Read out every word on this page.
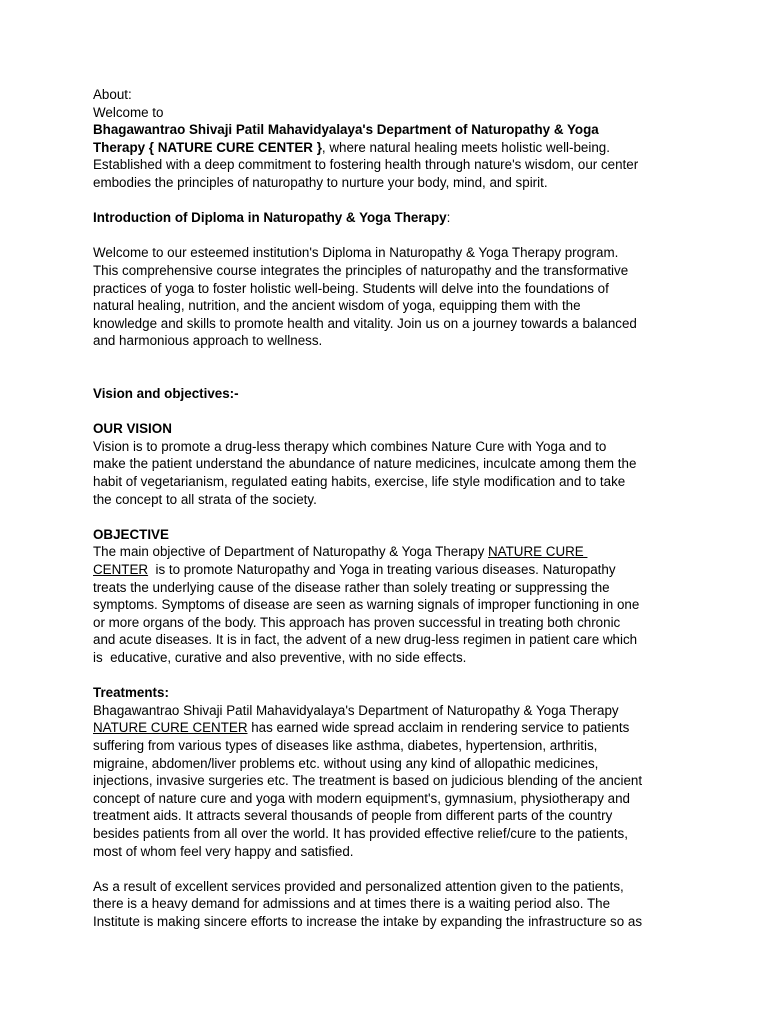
About:
Welcome to
Bhagawantrao Shivaji Patil Mahavidyalaya's Department of Naturopathy & Yoga
Therapy { NATURE CURE CENTER }, where natural healing meets holistic well-being.
Established with a deep commitment to fostering health through nature's wisdom, our center
embodies the principles of naturopathy to nurture your body, mind, and spirit.
Introduction of Diploma in Naturopathy & Yoga Therapy:
Welcome to our esteemed institution's Diploma in Naturopathy & Yoga Therapy program.
This comprehensive course integrates the principles of naturopathy and the transformative
practices of yoga to foster holistic well-being. Students will delve into the foundations of
natural healing, nutrition, and the ancient wisdom of yoga, equipping them with the
knowledge and skills to promote health and vitality. Join us on a journey towards a balanced
and harmonious approach to wellness.
Vision and objectives:-
OUR VISION
Vision is to promote a drug-less therapy which combines Nature Cure with Yoga and to
make the patient understand the abundance of nature medicines, inculcate among them the
habit of vegetarianism, regulated eating habits, exercise, life style modification and to take
the concept to all strata of the society.
OBJECTIVE
The main objective of Department of Naturopathy & Yoga Therapy NATURE CURE
CENTER  is to promote Naturopathy and Yoga in treating various diseases. Naturopathy
treats the underlying cause of the disease rather than solely treating or suppressing the
symptoms. Symptoms of disease are seen as warning signals of improper functioning in one
or more organs of the body. This approach has proven successful in treating both chronic
and acute diseases. It is in fact, the advent of a new drug-less regimen in patient care which
is  educative, curative and also preventive, with no side effects.
Treatments:
Bhagawantrao Shivaji Patil Mahavidyalaya's Department of Naturopathy & Yoga Therapy
NATURE CURE CENTER has earned wide spread acclaim in rendering service to patients
suffering from various types of diseases like asthma, diabetes, hypertension, arthritis,
migraine, abdomen/liver problems etc. without using any kind of allopathic medicines,
injections, invasive surgeries etc. The treatment is based on judicious blending of the ancient
concept of nature cure and yoga with modern equipment's, gymnasium, physiotherapy and
treatment aids. It attracts several thousands of people from different parts of the country
besides patients from all over the world. It has provided effective relief/cure to the patients,
most of whom feel very happy and satisfied.
As a result of excellent services provided and personalized attention given to the patients,
there is a heavy demand for admissions and at times there is a waiting period also. The
Institute is making sincere efforts to increase the intake by expanding the infrastructure so as
